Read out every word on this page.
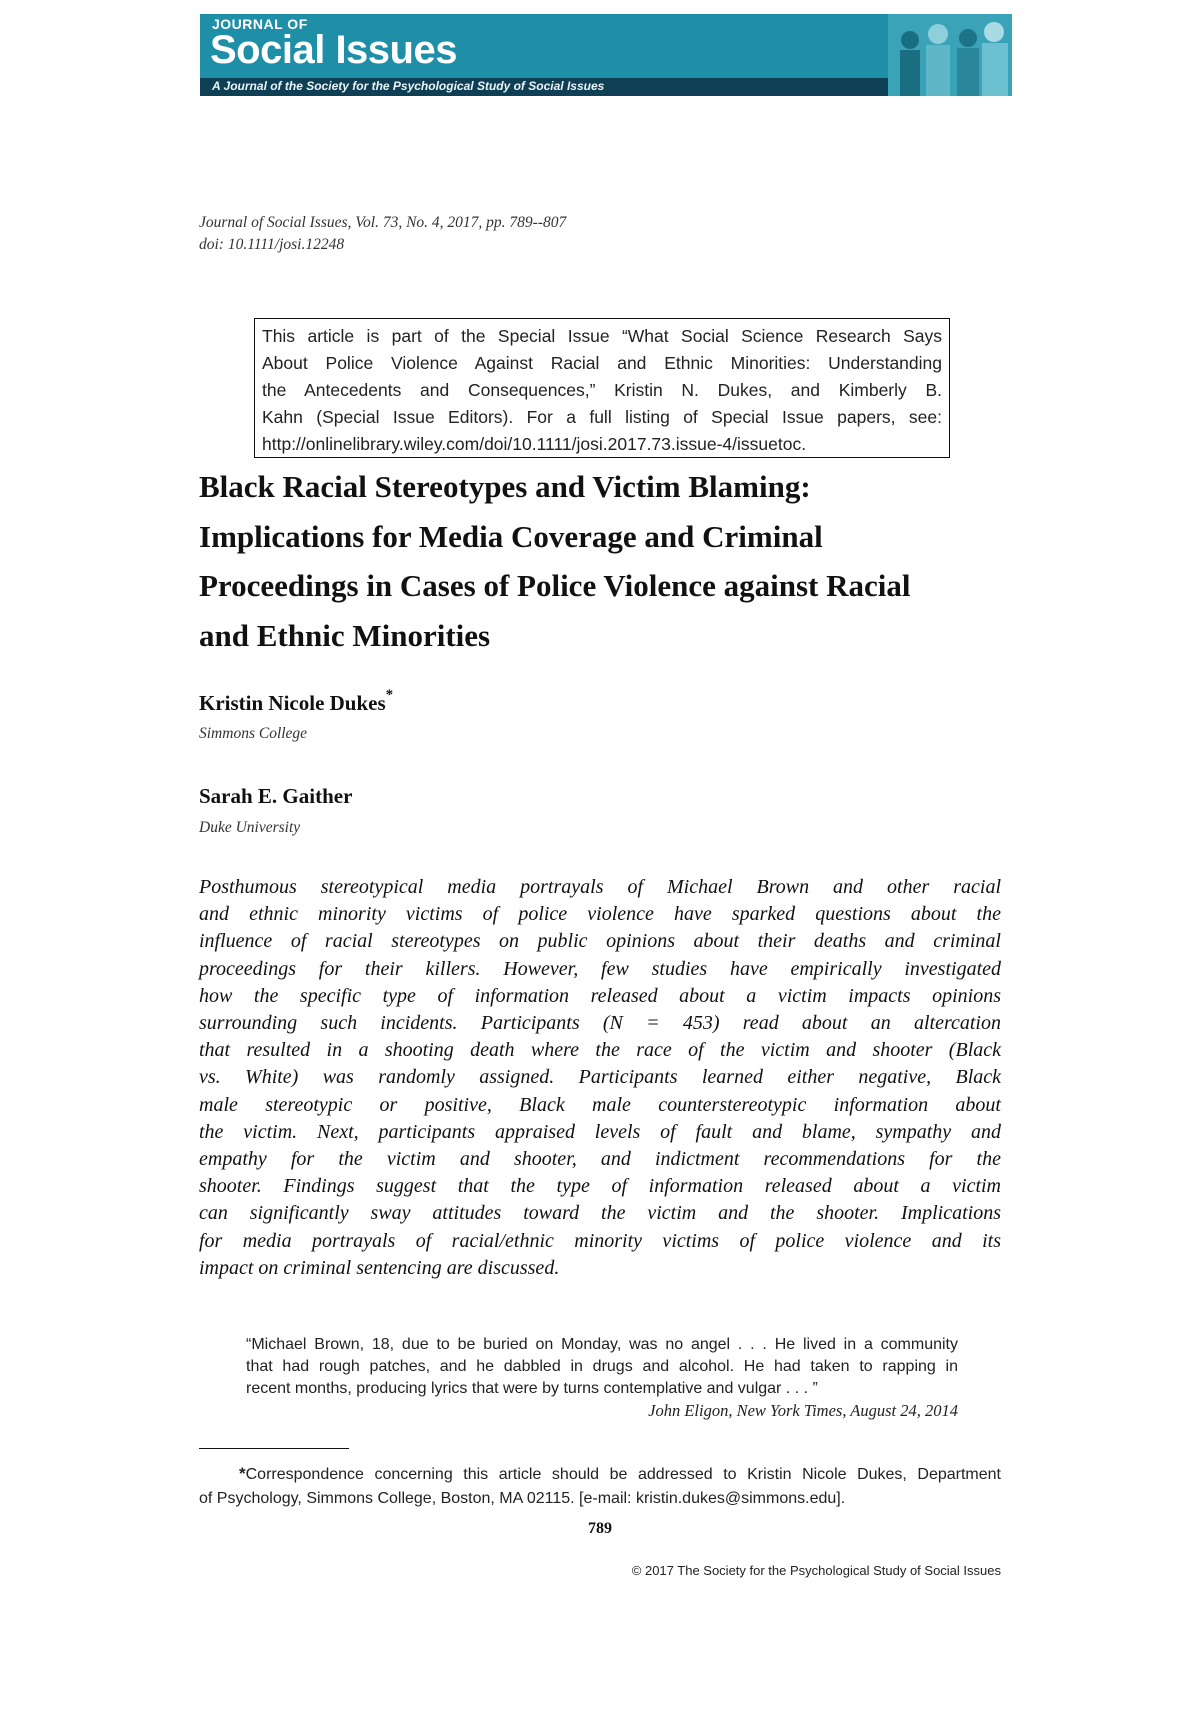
JOURNAL OF
Social Issues
A Journal of the Society for the Psychological Study of Social Issues
Journal of Social Issues, Vol. 73, No. 4, 2017, pp. 789--807
doi: 10.1111/josi.12248
This article is part of the Special Issue “What Social Science Research Says
About Police Violence Against Racial and Ethnic Minorities: Understanding
the Antecedents and Consequences,” Kristin N. Dukes, and Kimberly B.
Kahn (Special Issue Editors). For a full listing of Special Issue papers, see:
http://onlinelibrary.wiley.com/doi/10.1111/josi.2017.73.issue-4/issuetoc.
Black Racial Stereotypes and Victim Blaming:
Implications for Media Coverage and Criminal
Proceedings in Cases of Police Violence against Racial
and Ethnic Minorities
Kristin Nicole Dukes*
Simmons College
Sarah E. Gaither
Duke University
Posthumous stereotypical media portrayals of Michael Brown and other racial
and ethnic minority victims of police violence have sparked questions about the
influence of racial stereotypes on public opinions about their deaths and criminal
proceedings for their killers. However, few studies have empirically investigated
how the specific type of information released about a victim impacts opinions
surrounding such incidents. Participants (N = 453) read about an altercation
that resulted in a shooting death where the race of the victim and shooter (Black
vs. White) was randomly assigned. Participants learned either negative, Black
male stereotypic or positive, Black male counterstereotypic information about
the victim. Next, participants appraised levels of fault and blame, sympathy and
empathy for the victim and shooter, and indictment recommendations for the
shooter. Findings suggest that the type of information released about a victim
can significantly sway attitudes toward the victim and the shooter. Implications
for media portrayals of racial/ethnic minority victims of police violence and its
impact on criminal sentencing are discussed.
“Michael Brown, 18, due to be buried on Monday, was no angel . . . He lived in a community
that had rough patches, and he dabbled in drugs and alcohol. He had taken to rapping in
recent months, producing lyrics that were by turns contemplative and vulgar . . . ”
John Eligon, New York Times, August 24, 2014
*Correspondence concerning this article should be addressed to Kristin Nicole Dukes, Department
of Psychology, Simmons College, Boston, MA 02115. [e-mail: kristin.dukes@simmons.edu].
789
© 2017 The Society for the Psychological Study of Social Issues
